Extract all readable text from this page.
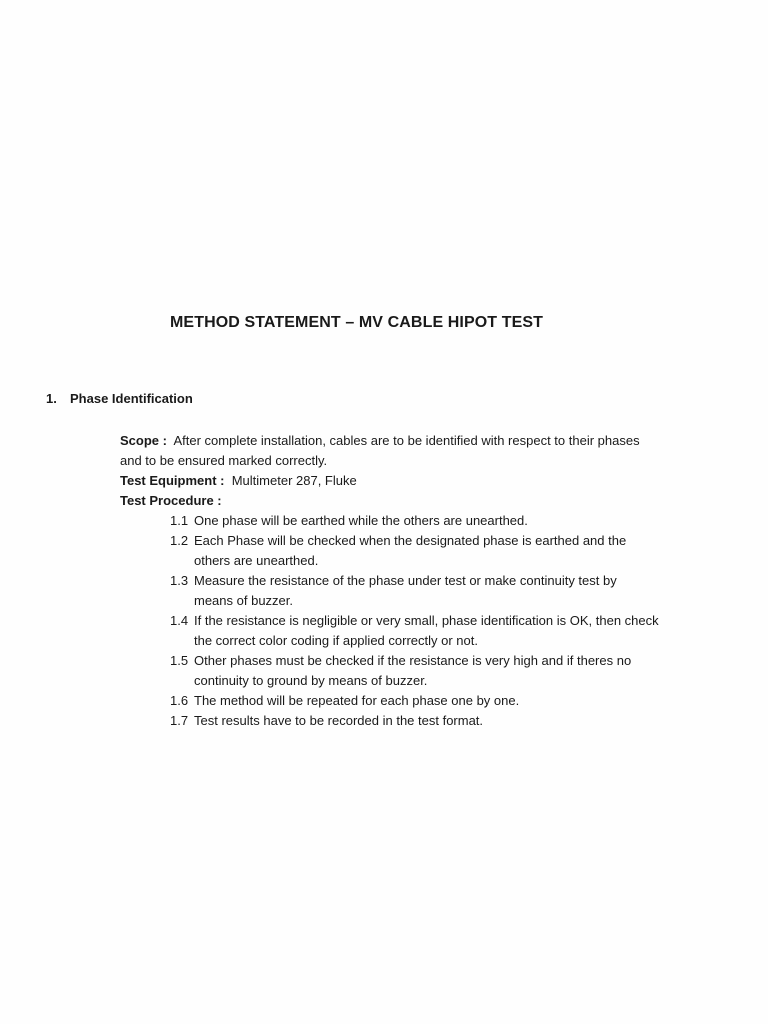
METHOD STATEMENT – MV CABLE HIPOT TEST
1. Phase Identification
Scope : After complete installation, cables are to be identified with respect to their phases
and to be ensured marked correctly.
Test Equipment : Multimeter 287, Fluke
Test Procedure :
1.1 One phase will be earthed while the others are unearthed.
1.2 Each Phase will be checked when the designated phase is earthed and the
others are unearthed.
1.3 Measure the resistance of the phase under test or make continuity test by
means of buzzer.
1.4 If the resistance is negligible or very small, phase identification is OK, then check
the correct color coding if applied correctly or not.
1.5 Other phases must be checked if the resistance is very high and if theres no
continuity to ground by means of buzzer.
1.6 The method will be repeated for each phase one by one.
1.7 Test results have to be recorded in the test format.
